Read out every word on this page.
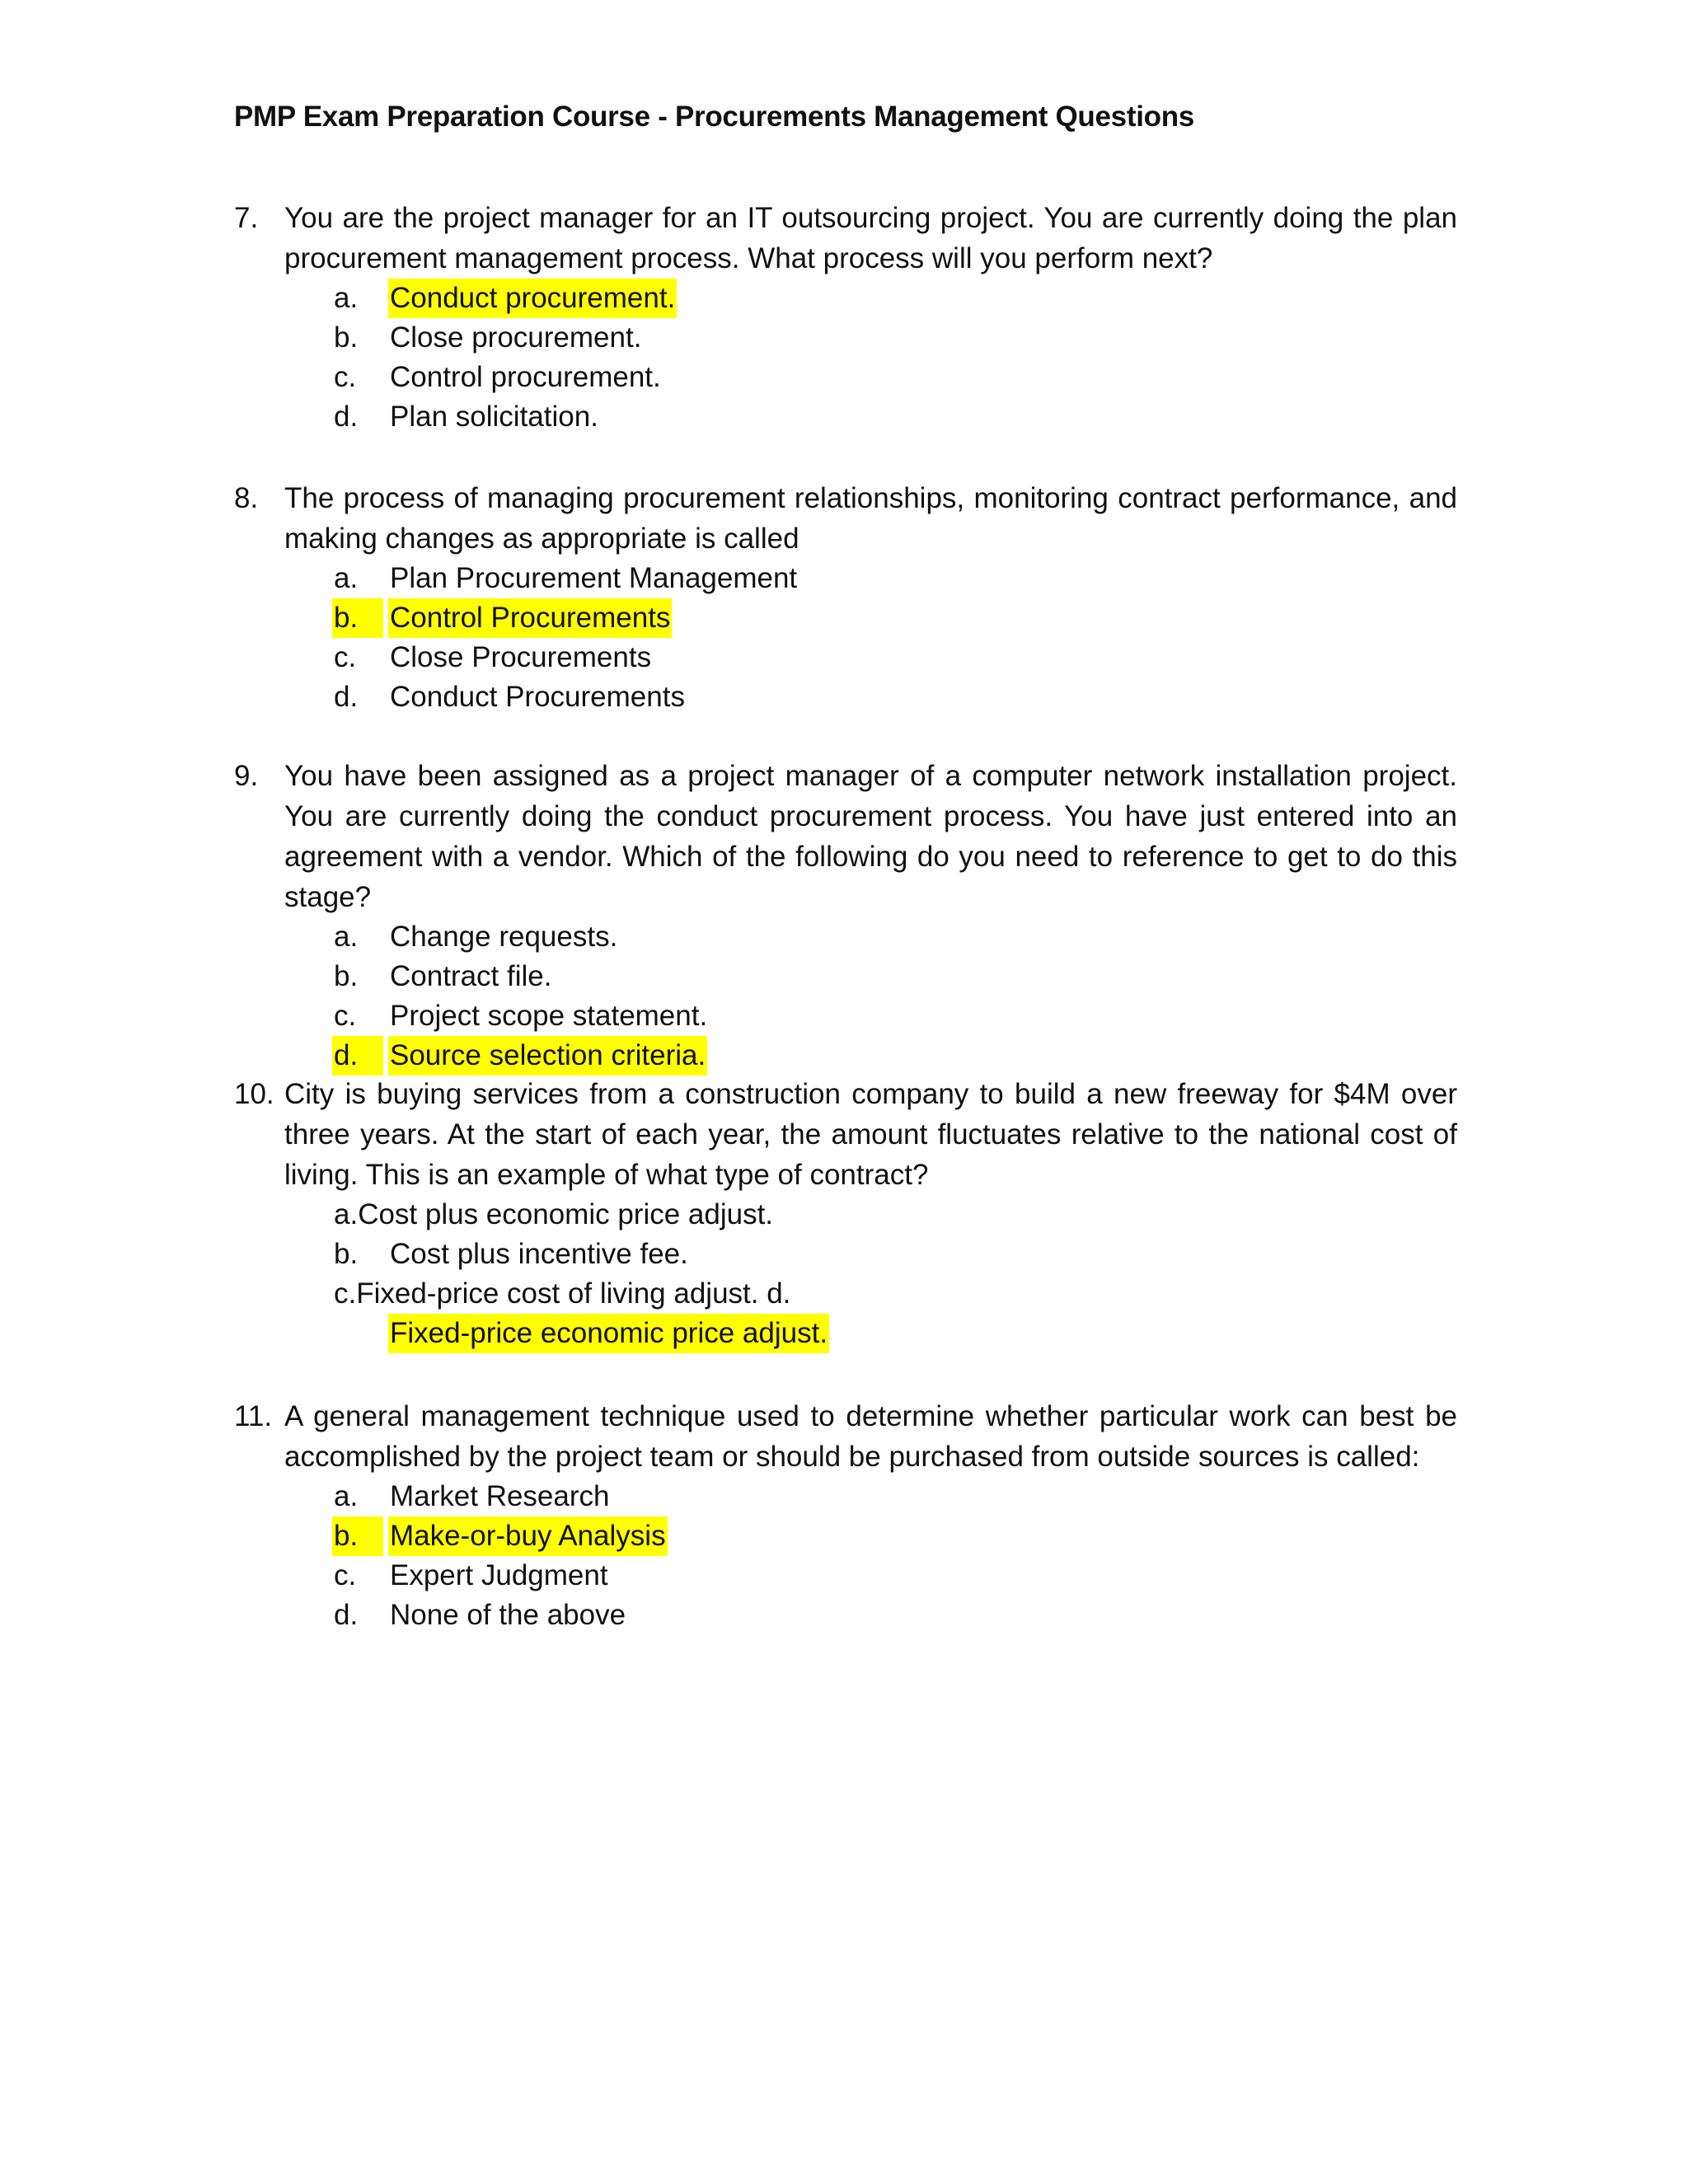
PMP Exam Preparation Course - Procurements Management Questions
7. You are the project manager for an IT outsourcing project. You are currently doing the plan procurement management process. What process will you perform next?
a. Conduct procurement.
b. Close procurement.
c. Control procurement.
d. Plan solicitation.
8. The process of managing procurement relationships, monitoring contract performance, and making changes as appropriate is called
a. Plan Procurement Management
b.	Control Procurements
c. Close Procurements
d. Conduct Procurements
9. You have been assigned as a project manager of a computer network installation project. You are currently doing the conduct procurement process. You have just entered into an agreement with a vendor. Which of the following do you need to reference to get to do this stage?
a. Change requests.
b. Contract file.
c. Project scope statement.
d.	Source selection criteria.
10. City is buying services from a construction company to build a new freeway for $4M over three years. At the start of each year, the amount fluctuates relative to the national cost of living. This is an example of what type of contract?
a.Cost plus economic price adjust.
b. Cost plus incentive fee.
c.Fixed-price cost of living adjust. d.
Fixed-price economic price adjust.
11. A general management technique used to determine whether particular work can best be accomplished by the project team or should be purchased from outside sources is called:
a. Market Research
b.	Make-or-buy Analysis
c. Expert Judgment
d. None of the above
